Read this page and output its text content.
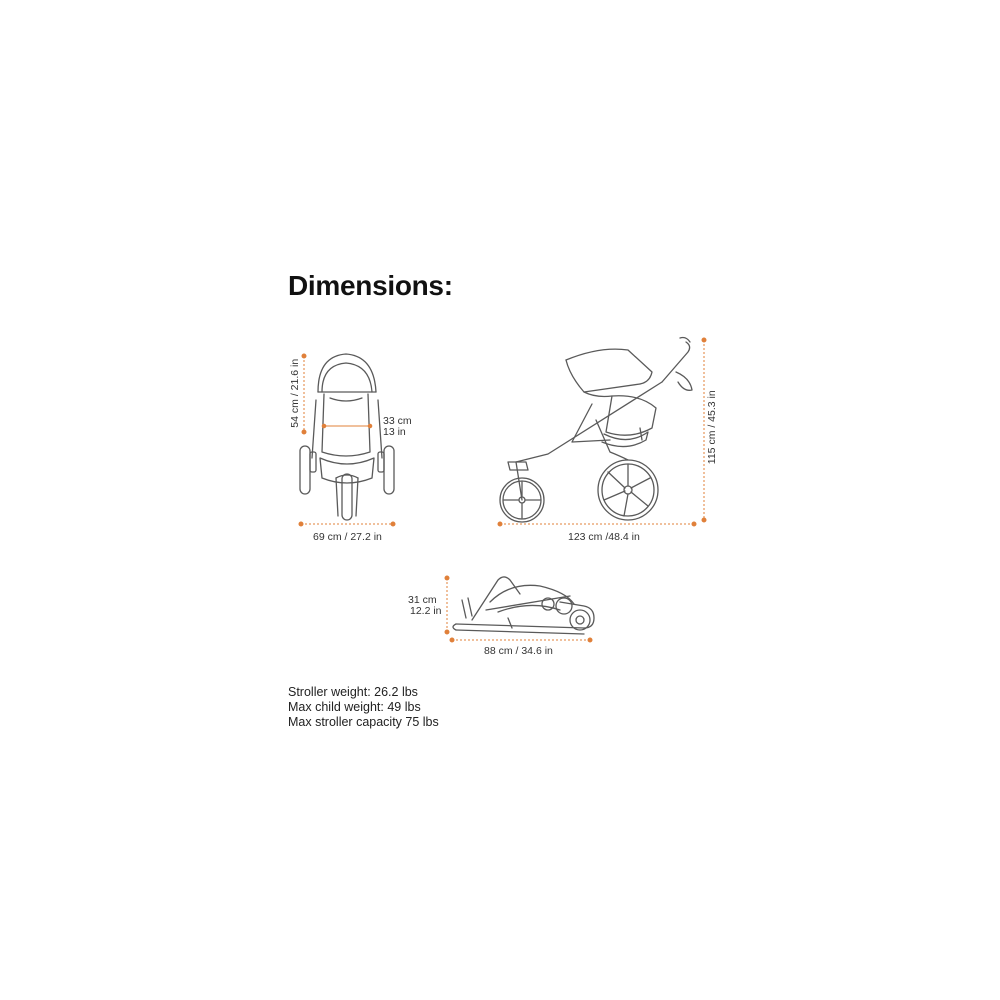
Dimensions:
54 cm / 21.6 in	33 cm
13 in
69 cm / 27.2 in
115 cm / 45.3 in
123 cm /48.4 in
31 cm
12.2 in
88 cm / 34.6 in
Stroller weight: 26.2 lbs
Max child weight: 49 lbs
Max stroller capacity 75 lbs
